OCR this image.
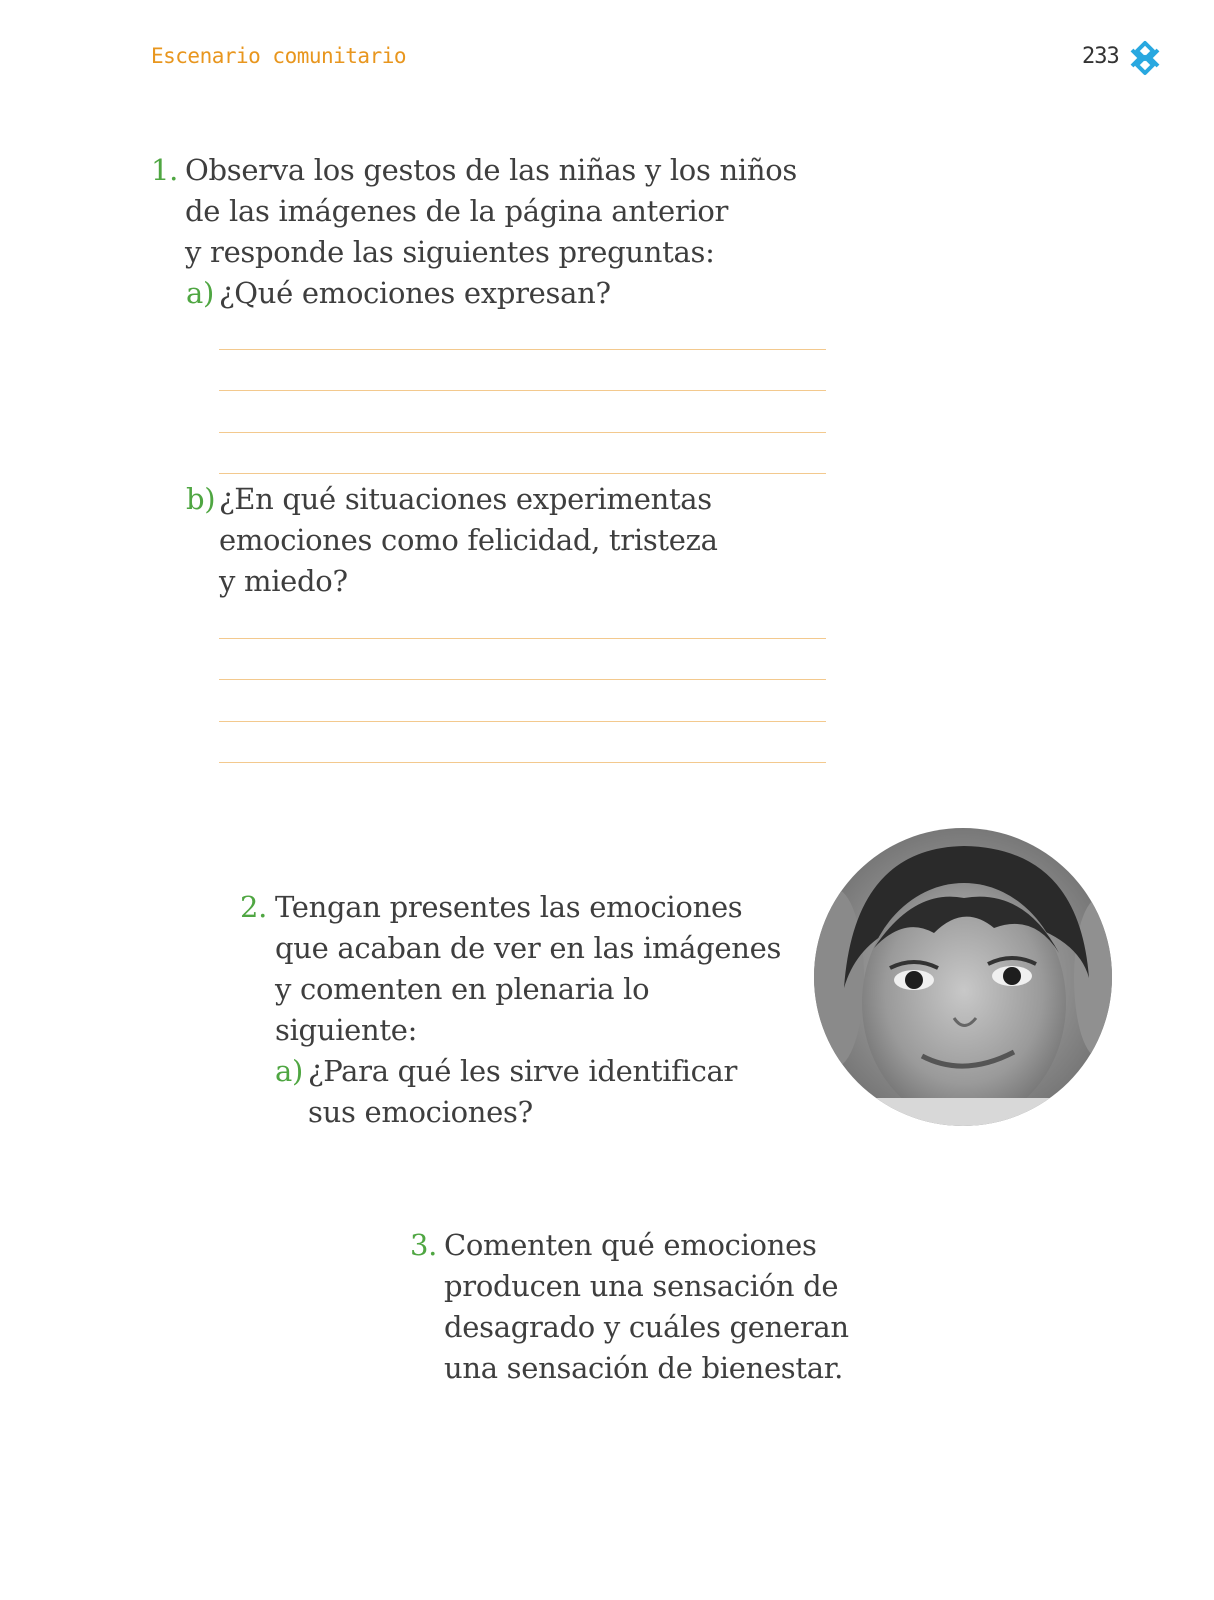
Escenario comunitario	233
1. Observa los gestos de las niñas y los niños
de las imágenes de la página anterior
y responde las siguientes preguntas:
a) ¿Qué emociones expresan?
b) ¿En qué situaciones experimentas
emociones como felicidad, tristeza
y miedo?
2. Tengan presentes las emociones
que acaban de ver en las imágenes
y comenten en plenaria lo
siguiente:
a) ¿Para qué les sirve identificar
sus emociones?
3. Comenten qué emociones
producen una sensación de
desagrado y cuáles generan
una sensación de bienestar.
